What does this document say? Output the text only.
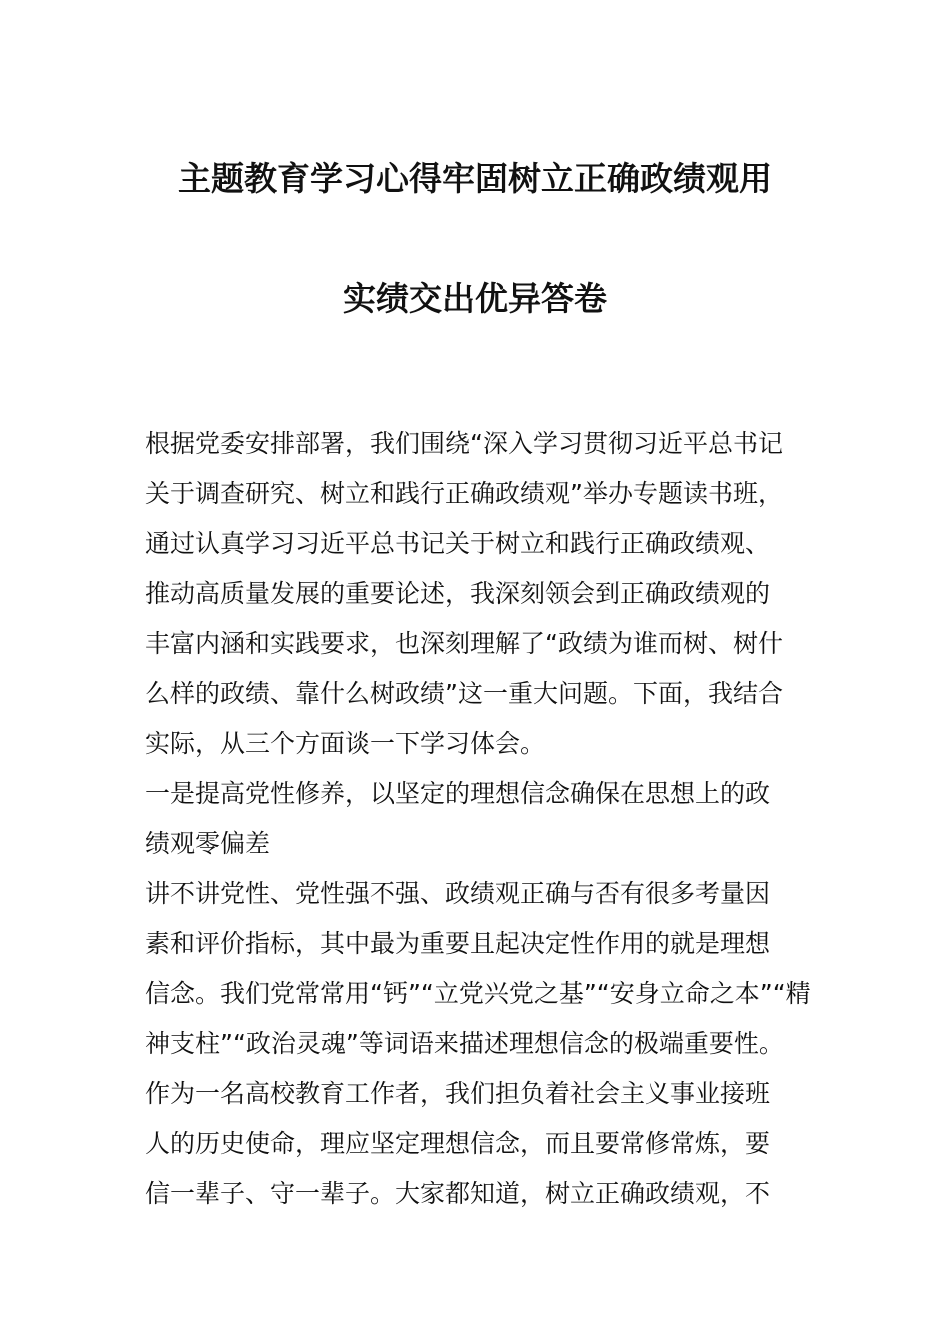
主题教育学习心得牢固树立正确政绩观用
实绩交出优异答卷
根据党委安排部署，我们围绕“深入学习贯彻习近平总书记
关于调查研究、树立和践行正确政绩观”举办专题读书班，
通过认真学习习近平总书记关于树立和践行正确政绩观、
推动高质量发展的重要论述，我深刻领会到正确政绩观的
丰富内涵和实践要求，也深刻理解了“政绩为谁而树、树什
么样的政绩、靠什么树政绩”这一重大问题。下面，我结合
实际，从三个方面谈一下学习体会。
一是提高党性修养，以坚定的理想信念确保在思想上的政
绩观零偏差
讲不讲党性、党性强不强、政绩观正确与否有很多考量因
素和评价指标，其中最为重要且起决定性作用的就是理想
信念。我们党常常用“钙”“立党兴党之基”“安身立命之本”“精
神支柱”“政治灵魂”等词语来描述理想信念的极端重要性。
作为一名高校教育工作者，我们担负着社会主义事业接班
人的历史使命，理应坚定理想信念，而且要常修常炼，要
信一辈子、守一辈子。大家都知道，树立正确政绩观，不
